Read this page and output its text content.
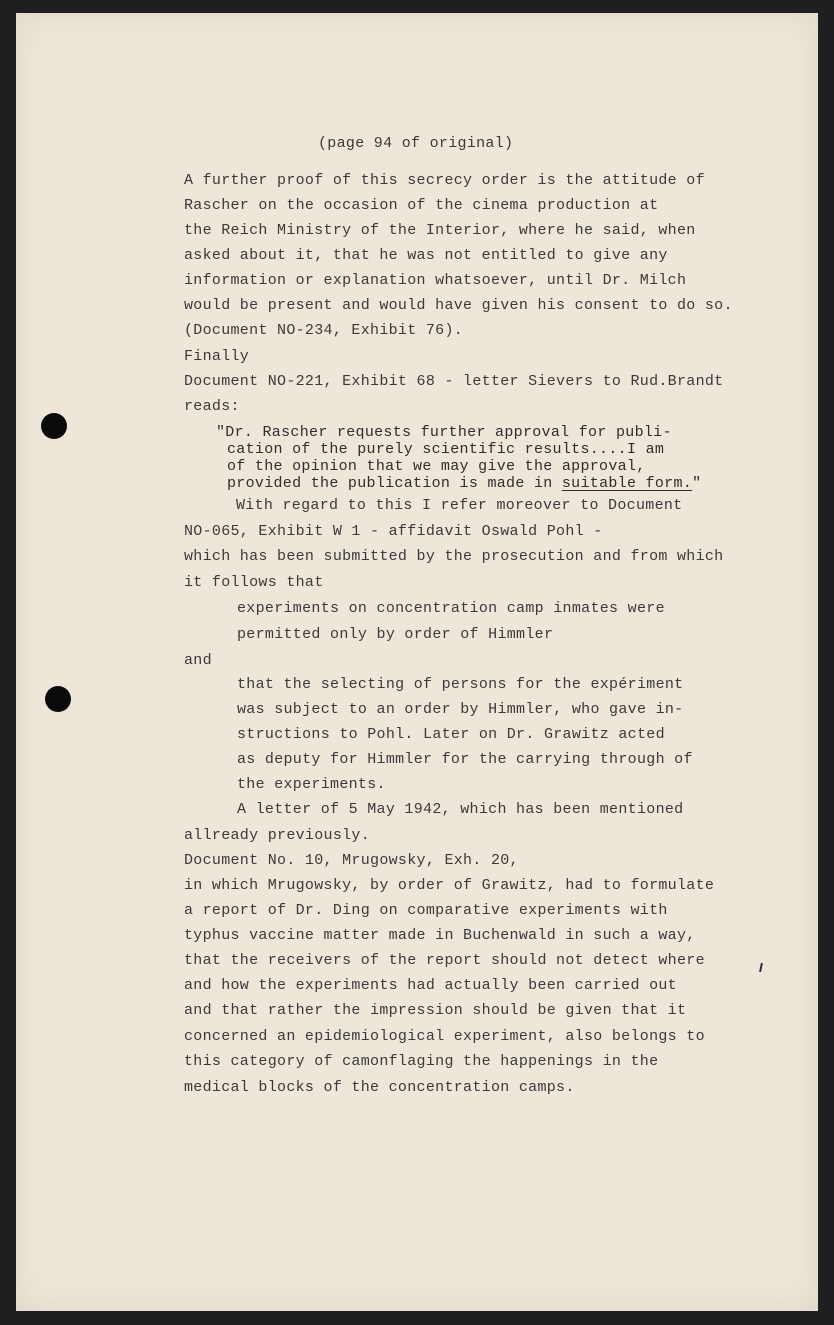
(page 94 of original)
A further proof of this secrecy order is the attitude of
Rascher on the occasion of the cinema production at
the Reich Ministry of the Interior, where he said, when
asked about it, that he was not entitled to give any
information or explanation whatsoever, until Dr. Milch
would be present and would have given his consent to do so.
(Document NO-234, Exhibit 76).
Finally
Document NO-221, Exhibit 68 - letter Sievers to Rud.Brandt
reads:
"Dr. Rascher requests further approval for publi-
cation of the purely scientific results....I am
of the opinion that we may give the approval,
provided the publication is made in suitable form."
With regard to this I refer moreover to Document
NO-065, Exhibit W 1 - affidavit Oswald Pohl -
which has been submitted by the prosecution and from which
it follows that
experiments on concentration camp inmates were
permitted only by order of Himmler
and
that the selecting of persons for the expériment
was subject to an order by Himmler, who gave in-
structions to Pohl. Later on Dr. Grawitz acted
as deputy for Himmler for the carrying through of
the experiments.
A letter of 5 May 1942, which has been mentioned
allready previously.
Document No. 10, Mrugowsky, Exh. 20,
in which Mrugowsky, by order of Grawitz, had to formulate
a report of Dr. Ding on comparative experiments with
typhus vaccine matter made in Buchenwald in such a way,
that the receivers of the report should not detect where
and how the experiments had actually been carried out
and that rather the impression should be given that it
concerned an epidemiological experiment, also belongs to
this category of camonflaging the happenings in the
medical blocks of the concentration camps.
